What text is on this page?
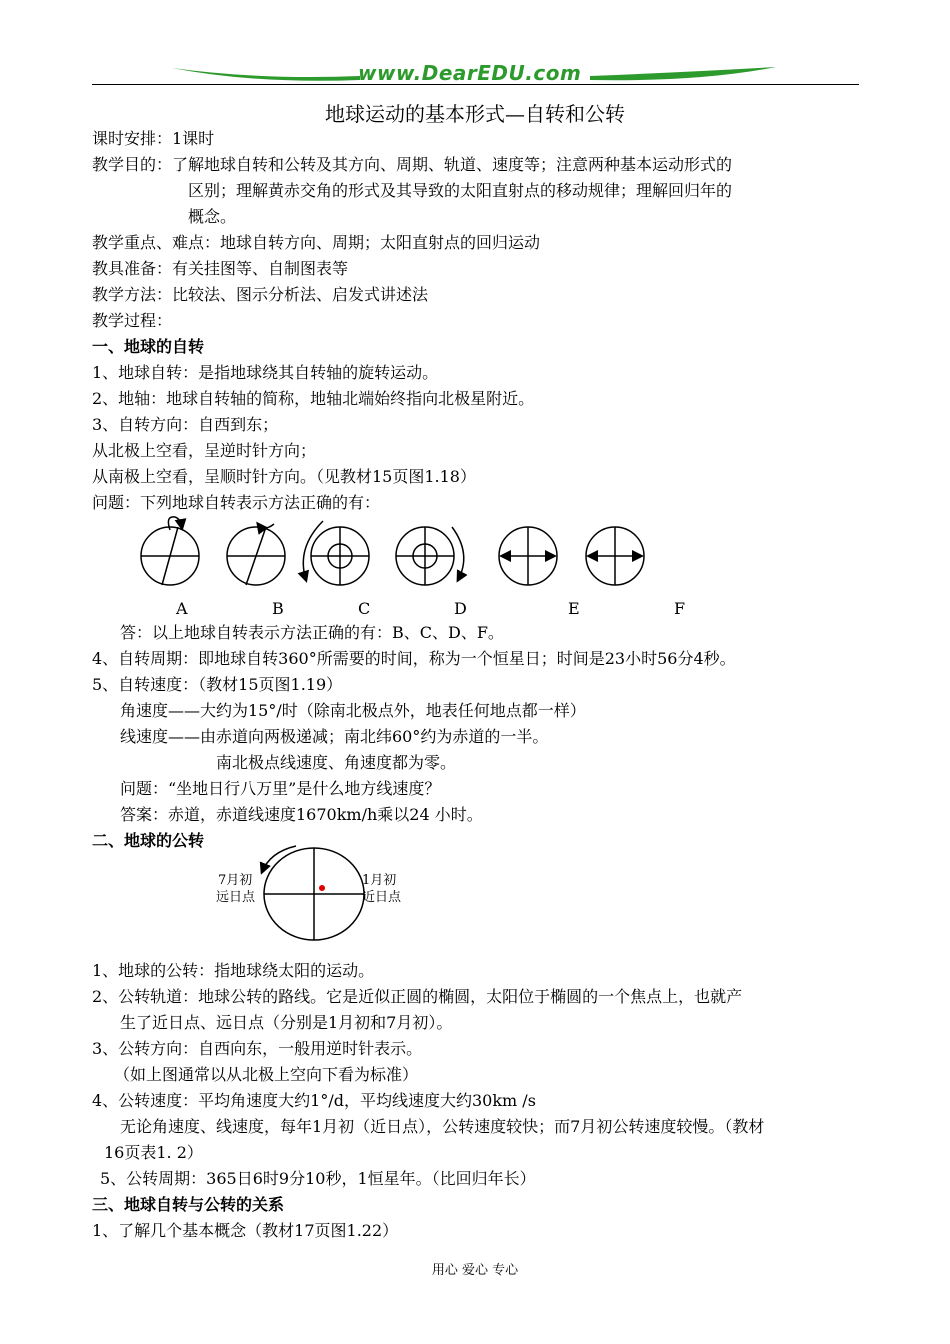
www.DearEDU.com
地球运动的基本形式—自转和公转
课时安排：1课时
教学目的：了解地球自转和公转及其方向、周期、轨道、速度等；注意两种基本运动形式的
区别；理解黄赤交角的形式及其导致的太阳直射点的移动规律；理解回归年的
概念。
教学重点、难点：地球自转方向、周期；太阳直射点的回归运动
教具准备：有关挂图等、自制图表等
教学方法：比较法、图示分析法、启发式讲述法
教学过程：
一、地球的自转
1、地球自转：是指地球绕其自转轴的旋转运动。
2、地轴：地球自转轴的简称，地轴北端始终指向北极星附近。
3、自转方向：自西到东；
从北极上空看，呈逆时针方向；
从南极上空看，呈顺时针方向。（见教材15页图1.18）
问题：下列地球自转表示方法正确的有：
A	B	C	D	E	F
答：以上地球自转表示方法正确的有：B、C、D、F。
4、自转周期：即地球自转360°所需要的时间，称为一个恒星日；时间是23小时56分4秒。
5、自转速度：（教材15页图1.19）
角速度——大约为15°/时（除南北极点外，地表任何地点都一样）
线速度——由赤道向两极递减；南北纬60°约为赤道的一半。
南北极点线速度、角速度都为零。
问题：“坐地日行八万里”是什么地方线速度？
答案：赤道，赤道线速度1670km/h乘以24 小时。
二、地球的公转
7月初
远日点
1月初
近日点
1、地球的公转：指地球绕太阳的运动。
2、公转轨道：地球公转的路线。它是近似正圆的椭圆，太阳位于椭圆的一个焦点上，也就产
生了近日点、远日点（分别是1月初和7月初）。
3、公转方向：自西向东，一般用逆时针表示。
（如上图通常以从北极上空向下看为标准）
4、公转速度：平均角速度大约1°/d，平均线速度大约30km /s
无论角速度、线速度，每年1月初（近日点），公转速度较快；而7月初公转速度较慢。（教材
16页表1. 2）
5、公转周期：365日6时9分10秒，1恒星年。（比回归年长）
三、地球自转与公转的关系
1、了解几个基本概念（教材17页图1.22）
用心 爱心 专心
